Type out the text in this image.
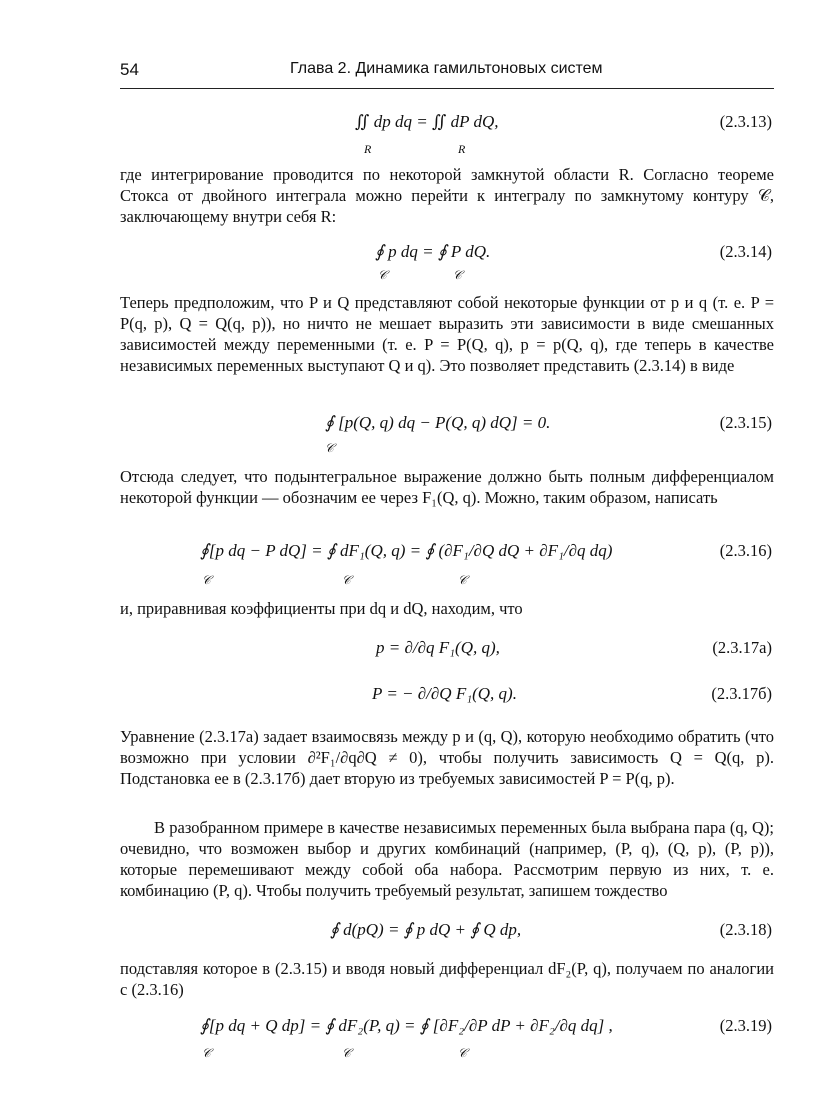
54	Глава 2. Динамика гамильтоновых систем
∬ dp dq = ∬ dP dQ,
R	R
(2.3.13)

где интегрирование проводится по некоторой замкнутой области R. Согласно теореме Стокса от двойного интеграла можно перейти к интегралу по замкнутому контуру 𝒞, заключающему внутри себя R:

∮ p dq = ∮ P dQ.
𝒞	𝒞
(2.3.14)

Теперь предположим, что P и Q представляют собой некоторые функции от p и q (т. е. P = P(q, p), Q = Q(q, p)), но ничто не мешает выразить эти зависимости в виде смешанных зависимостей между переменными (т. е. P = P(Q, q), p = p(Q, q), где теперь в качестве независимых переменных выступают Q и q). Это позволяет представить (2.3.14) в виде

∮ [p(Q, q) dq − P(Q, q) dQ] = 0.
𝒞
(2.3.15)

Отсюда следует, что подынтегральное выражение должно быть полным дифференциалом некоторой функции — обозначим ее через F₁(Q, q). Можно, таким образом, написать

∮[p dq − P dQ] = ∮ dF₁(Q, q) = ∮ (∂F₁/∂Q dQ + ∂F₁/∂q dq)
𝒞	𝒞	𝒞
(2.3.16)

и, приравнивая коэффициенты при dq и dQ, находим, что

p = ∂/∂q F₁(Q, q),	(2.3.17а)
P = − ∂/∂Q F₁(Q, q).	(2.3.17б)

Уравнение (2.3.17а) задает взаимосвязь между p и (q, Q), которую необходимо обратить (что возможно при условии ∂²F₁/∂q∂Q ≠ 0), чтобы получить зависимость Q = Q(q, p). Подстановка ее в (2.3.17б) дает вторую из требуемых зависимостей P = P(q, p).

В разобранном примере в качестве независимых переменных была выбрана пара (q, Q); очевидно, что возможен выбор и других комбинаций (например, (P, q), (Q, p), (P, p)), которые перемешивают между собой оба набора. Рассмотрим первую из них, т. е. комбинацию (P, q). Чтобы получить требуемый результат, запишем тождество

∮ d(pQ) = ∮ p dQ + ∮ Q dp,	(2.3.18)

подставляя которое в (2.3.15) и вводя новый дифференциал dF₂(P, q), получаем по аналогии с (2.3.16)

∮[p dq + Q dp] = ∮ dF₂(P, q) = ∮ [∂F₂/∂P dP + ∂F₂/∂q dq] ,
𝒞	𝒞	𝒞
(2.3.19)
